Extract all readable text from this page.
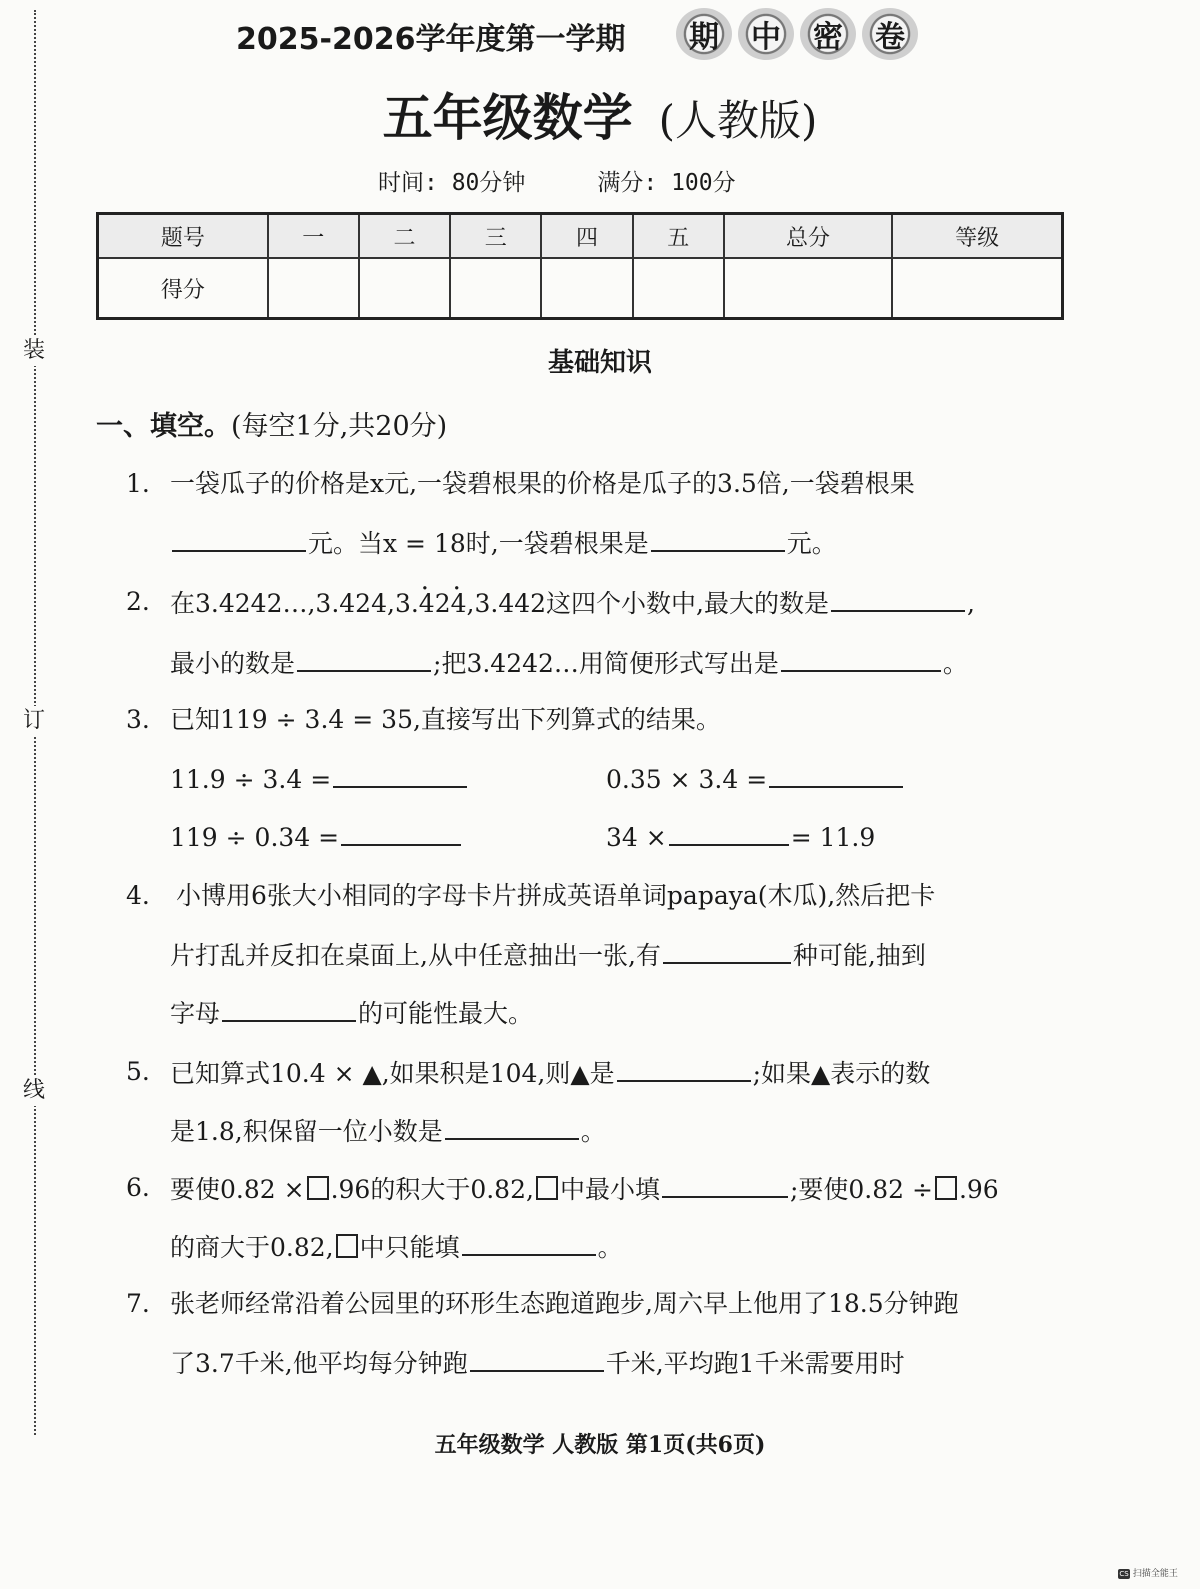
装
订
线
2025-2026学年度第一学期	期	中	密	卷
五年级数学 (人教版)
时间: 80分钟	满分: 100分
题号	一	二	三	四	五	总分	等级
得分							
基础知识
一、填空。(每空1分,共20分)
1. 一袋瓜子的价格是x元,一袋碧根果的价格是瓜子的3.5倍,一袋碧根果
元。当x = 18时,一袋碧根果是	元。
2. 在3.4242…,3.424,3.· 42· 4,3.442这四个小数中,最大的数是	,
最小的数是	;把3.4242…用简便形式写出是	。
3. 已知119 ÷ 3.4 = 35,直接写出下列算式的结果。
11.9 ÷ 3.4 =	0.35 × 3.4 =
119 ÷ 0.34 =	34 ×	= 11.9
4. 小博用6张大小相同的字母卡片拼成英语单词papaya(木瓜),然后把卡
片打乱并反扣在桌面上,从中任意抽出一张,有	种可能,抽到
字母	的可能性最大。
5. 已知算式10.4 × ▲,如果积是104,则▲是	;如果▲表示的数
是1.8,积保留一位小数是	。
6. 要使0.82 × .96的积大于0.82, 中最小填	;要使0.82 ÷ .96
的商大于0.82, 中只能填	。
7. 张老师经常沿着公园里的环形生态跑道跑步,周六早上他用了18.5分钟跑
了3.7千米,他平均每分钟跑	千米,平均跑1千米需要用时
五年级数学 人教版 第1页(共6页)
CS 扫描全能王
